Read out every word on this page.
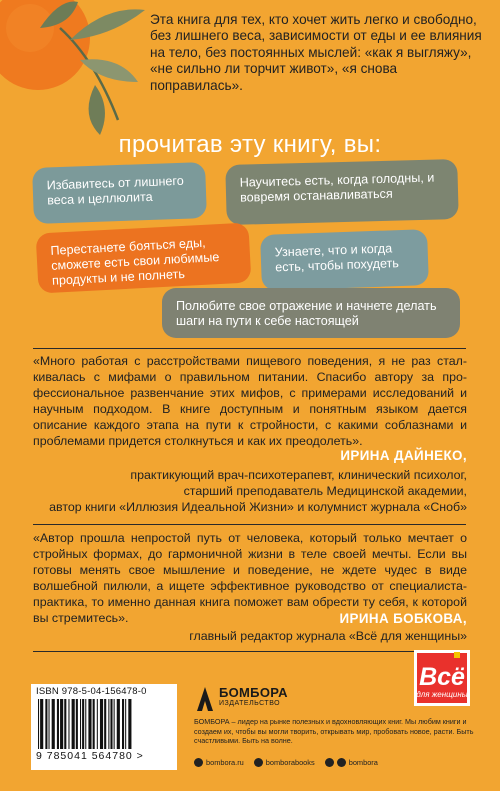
Эта книга для тех, кто хочет жить легко и свободно, без лишнего веса, зависимости от еды и ее влияния на тело, без постоянных мыслей: «как я выгляжу», «не сильно ли торчит живот», «я снова поправилась».
прочитав эту книгу, вы:
Избавитесь от лишнего веса и целлюлита
Научитесь есть, когда голодны, и вовремя останавливаться
Перестанете бояться еды, сможете есть свои любимые продукты и не полнеть
Узнаете, что и когда есть, чтобы похудеть
Полюбите свое отражение и начнете делать шаги на пути к себе настоящей
«Много работая с расстройствами пищевого поведения, я не раз сталкивалась с мифами о правильном питании. Спасибо автору за профессиональное развенчание этих мифов, с примерами исследований и научным подходом. В книге доступным и понятным языком дается описание каждого этапа на пути к стройности, с какими соблазнами и проблемами придется столкнуться и как их преодолеть».
ИРИНА ДАЙНЕКО,
практикующий врач-психотерапевт, клинический психолог,
старший преподаватель Медицинской академии,
автор книги «Иллюзия Идеальной Жизни» и колумнист журнала «Сноб»
«Автор прошла непростой путь от человека, который только мечтает о стройных формах, до гармоничной жизни в теле своей мечты. Если вы готовы менять свое мышление и поведение, не ждете чудес в виде волшебной пилюли, а ищете эффективное руководство от специалиста-практика, то именно данная книга поможет вам обрести ту себя, к которой вы стремитесь».	ИРИНА БОБКОВА,
главный редактор журнала «Всё для женщины»
ISBN 978-5-04-156478-0
9 785041 564780 >
БОМБОРА
ИЗДАТЕЛЬСТВО
БОМБОРА – лидер на рынке полезных и вдохновляющих книг. Мы любим книги и создаем их, чтобы вы могли творить, открывать мир, пробовать новое, расти. Быть счастливыми. Быть на волне.
bombora.ru	bomborabooks	bombora
Всё
для женщины
